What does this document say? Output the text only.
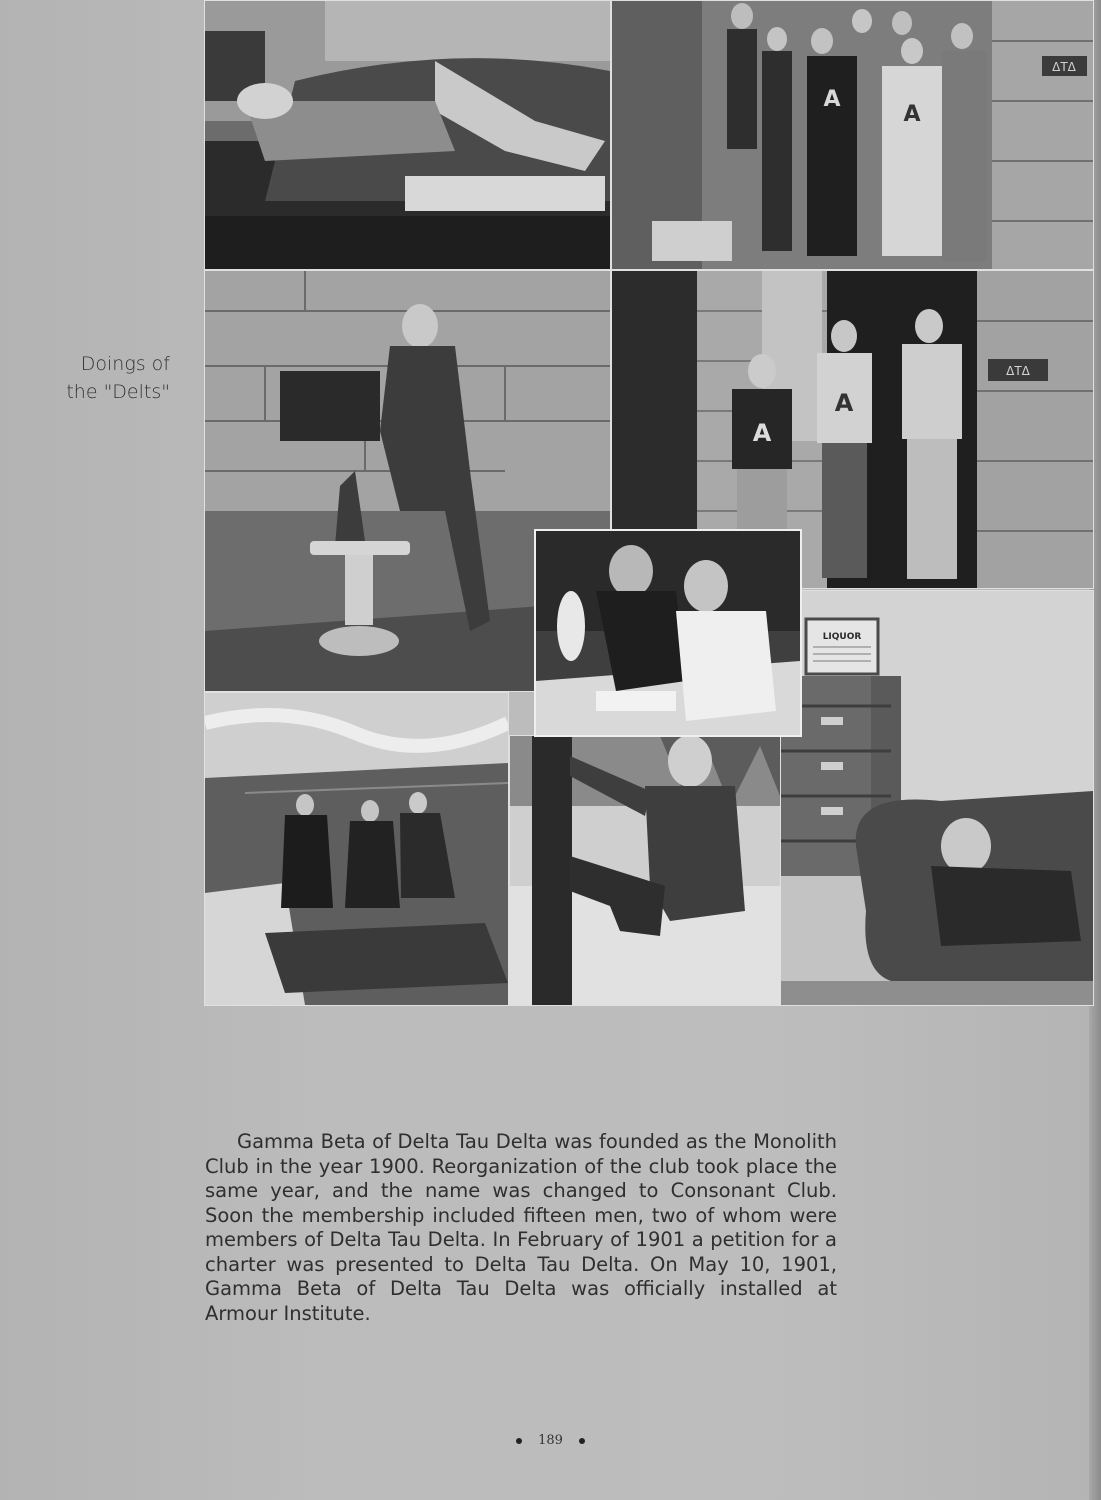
Doings of
the "Delts"
ΔΤΔ
A
A
ΔΤΔ
A
A
LIQUOR

Gamma Beta of Delta Tau Delta was founded as the Monolith Club in the year 1900. Reorganization of the club took place the same year, and the name was changed to Consonant Club. Soon the membership included fifteen men, two of whom were members of Delta Tau Delta. In February of 1901 a petition for a charter was presented to Delta Tau Delta. On May 10, 1901, Gamma Beta of Delta Tau Delta was officially installed at Armour Institute.

189
